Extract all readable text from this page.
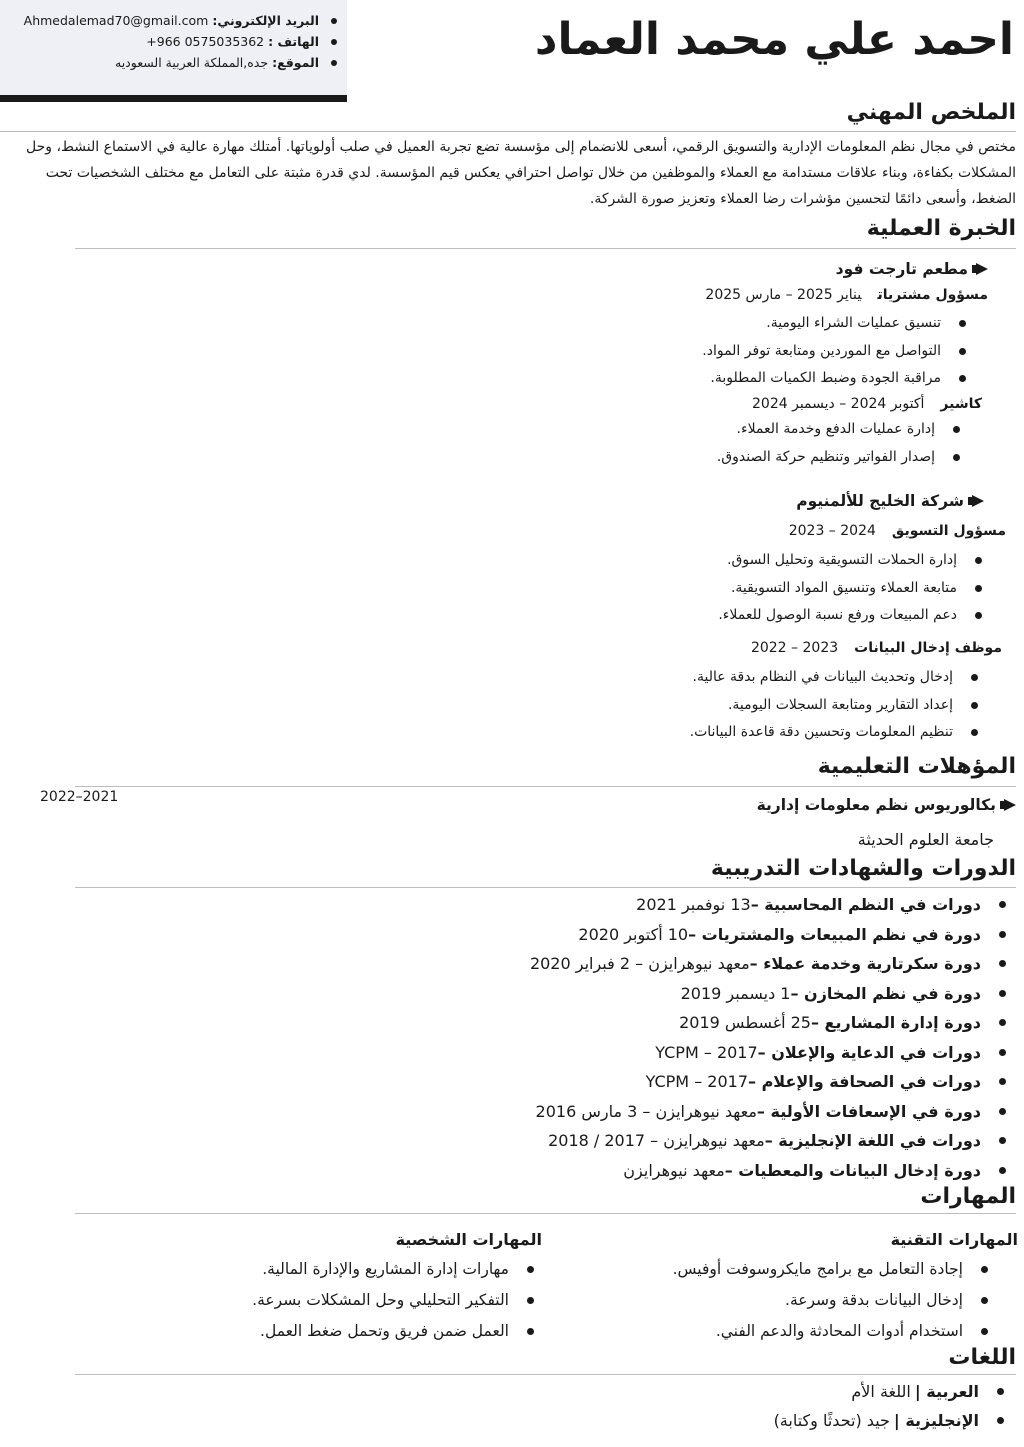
البريد الإلكتروني:
Ahmedalemad70@gmail.com
الهاتف :
+966 0575035362
الموقع:
جده,المملكة العربية السعوديه	احمد علي محمد العماد
الملخص المهني
مختص في مجال نظم المعلومات الإدارية والتسويق الرقمي، أسعى للانضمام إلى مؤسسة تضع تجربة العميل في صلب أولوياتها. أمتلك مهارة عالية في الاستماع النشط، وحل المشكلات بكفاءة، وبناء علاقات مستدامة مع العملاء والموظفين من خلال تواصل احترافي يعكس قيم المؤسسة. لدي قدرة مثبتة على التعامل مع مختلف الشخصيات تحت الضغط، وأسعى دائمًا لتحسين مؤشرات رضا العملاء وتعزيز صورة الشركة.
الخبرة العملية
مطعم تارجت فود
مسؤول مشترياتيناير 2025 – مارس 2025
تنسيق عمليات الشراء اليومية.
التواصل مع الموردين ومتابعة توفر المواد.
مراقبة الجودة وضبط الكميات المطلوبة.
كاشيرأكتوبر 2024 – ديسمبر 2024
إدارة عمليات الدفع وخدمة العملاء.
إصدار الفواتير وتنظيم حركة الصندوق.
شركة الخليج للألمنيوم
مسؤول التسويق2024 – 2023
إدارة الحملات التسويقية وتحليل السوق.
متابعة العملاء وتنسيق المواد التسويقية.
دعم المبيعات ورفع نسبة الوصول للعملاء.
موظف إدخال البيانات2023 – 2022
إدخال وتحديث البيانات في النظام بدقة عالية.
إعداد التقارير ومتابعة السجلات اليومية.
تنظيم المعلومات وتحسين دقة قاعدة البيانات.
المؤهلات التعليمية
2021–2022	بكالوريوس نظم معلومات إدارية
جامعة العلوم الحديثة
الدورات والشهادات التدريبية
دورات في النظم المحاسبية –
13 نوفمبر 2021
دورة في نظم المبيعات والمشتريات –
10 أكتوبر 2020
دورة سكرتارية وخدمة عملاء –
معهد نيوهرايزن – 2 فبراير 2020
دورة في نظم المخازن –
1 ديسمبر 2019
دورة إدارة المشاريع –
25 أغسطس 2019
دورات في الدعاية والإعلان –
2017 – YCPM
دورات في الصحافة والإعلام –
2017 – YCPM
دورة في الإسعافات الأولية –
معهد نيوهرايزن – 3 مارس 2016
دورات في اللغة الإنجليزية –
معهد نيوهرايزن – 2017 / 2018
دورة إدخال البيانات والمعطيات –
معهد نيوهرايزن
المهارات
المهارات التقنية
إجادة التعامل مع برامج مايكروسوفت أوفيس.
إدخال البيانات بدقة وسرعة.
استخدام أدوات المحادثة والدعم الفني.
المهارات الشخصية
مهارات إدارة المشاريع والإدارة المالية.
التفكير التحليلي وحل المشكلات بسرعة.
العمل ضمن فريق وتحمل ضغط العمل.
اللغات
العربية |
اللغة الأم
الإنجليزية |
جيد (تحدثًا وكتابة)
